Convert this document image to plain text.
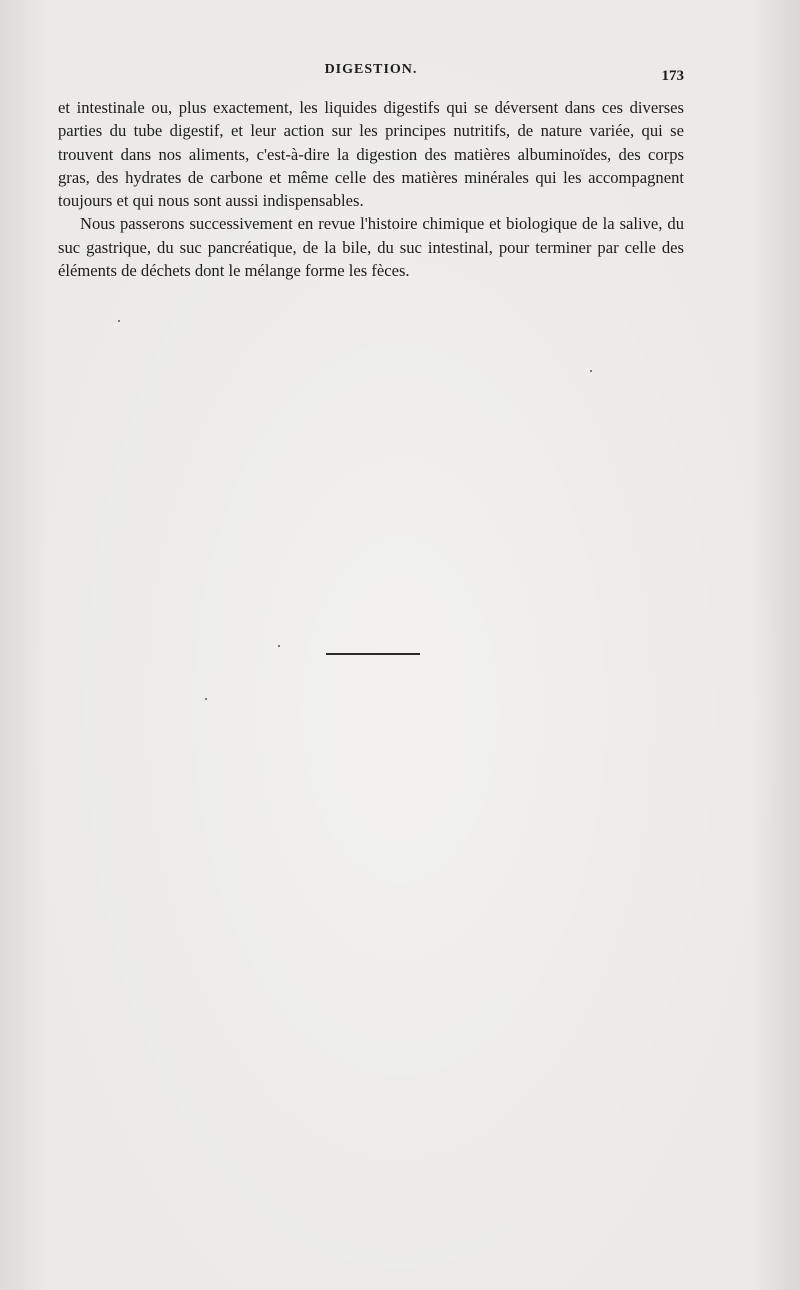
DIGESTION.	173

et intestinale ou, plus exactement, les liquides digestifs qui se déversent dans ces diverses parties du tube digestif, et leur action sur les principes nutritifs, de nature variée, qui se trouvent dans nos aliments, c'est-à-dire la digestion des matières albuminoïdes, des corps gras, des hydrates de carbone et même celle des matières minérales qui les accompagnent toujours et qui nous sont aussi indispensables.

Nous passerons successivement en revue l'histoire chimique et biologique de la salive, du suc gastrique, du suc pancréatique, de la bile, du suc intestinal, pour terminer par celle des éléments de déchets dont le mélange forme les fèces.
